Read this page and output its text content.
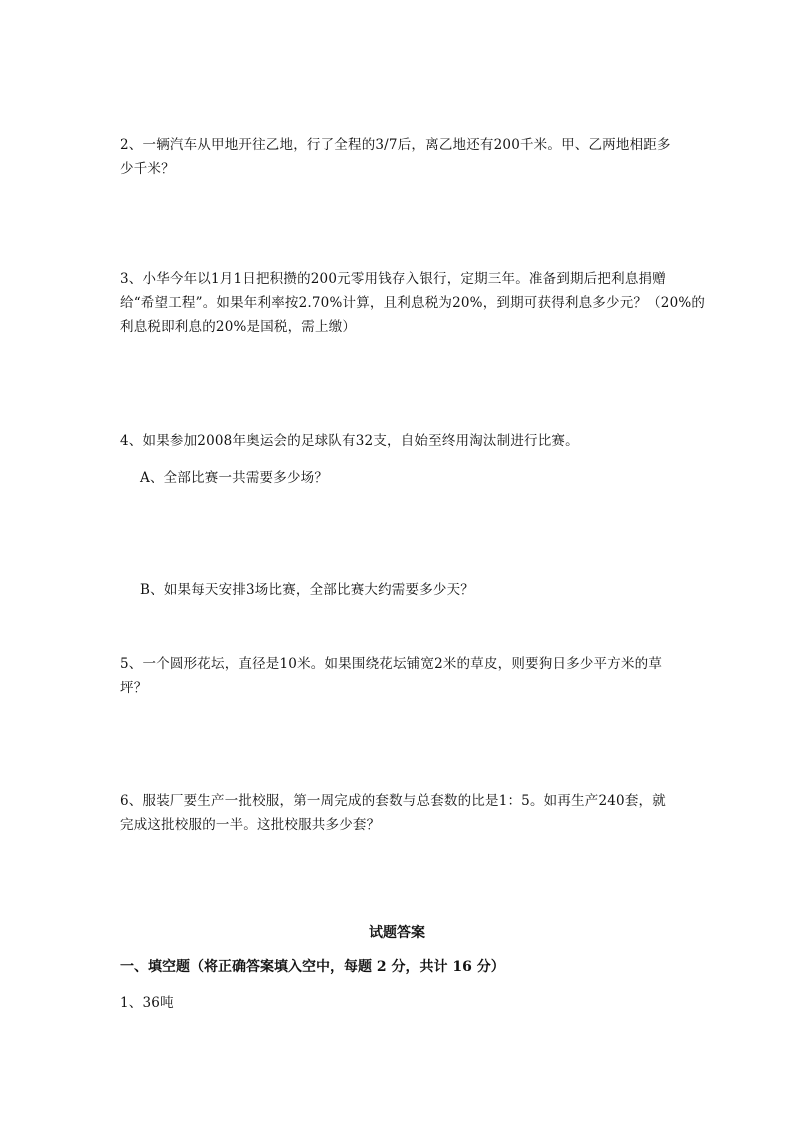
2、一辆汽车从甲地开往乙地，行了全程的3/7后，离乙地还有200千米。甲、乙两地相距多
少千米？
3、小华今年以1月1日把积攒的200元零用钱存入银行，定期三年。准备到期后把利息捐赠
给“希望工程”。如果年利率按2.70%计算，且利息税为20%，到期可获得利息多少元？（20%的
利息税即利息的20%是国税，需上缴）
4、如果参加2008年奥运会的足球队有32支，自始至终用淘汰制进行比赛。
A、全部比赛一共需要多少场？
B、如果每天安排3场比赛，全部比赛大约需要多少天？
5、一个圆形花坛，直径是10米。如果围绕花坛铺宽2米的草皮，则要狗日多少平方米的草
坪？
6、服装厂要生产一批校服，第一周完成的套数与总套数的比是1：5。如再生产240套，就
完成这批校服的一半。这批校服共多少套？
试题答案
一、填空题（将正确答案填入空中，每题 2 分，共计 16 分）
1、36吨
